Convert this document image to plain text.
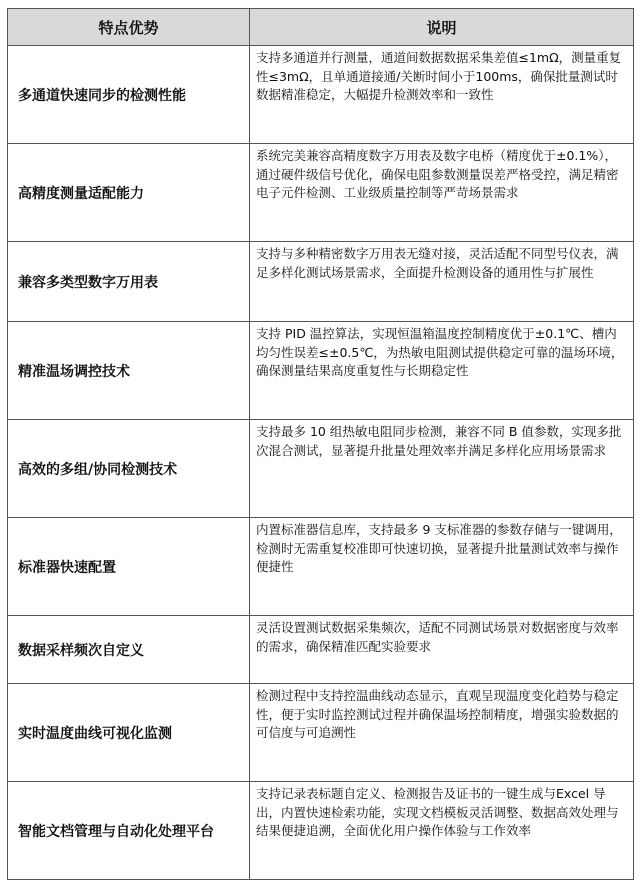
特点优势	说明
多通道快速同步的检测性能	支持多通道并行测量，通道间数据数据采集差值≤1mΩ，测量重复性≤3mΩ，且单通道接通/关断时间小于100ms，确保批量测试时数据精准稳定，大幅提升检测效率和一致性
高精度测量适配能力	系统完美兼容高精度数字万用表及数字电桥（精度优于±0.1%），通过硬件级信号优化，确保电阻参数测量误差严格受控，满足精密电子元件检测、工业级质量控制等严苛场景需求
兼容多类型数字万用表	支持与多种精密数字万用表无缝对接，灵活适配不同型号仪表，满足多样化测试场景需求，全面提升检测设备的通用性与扩展性
精准温场调控技术	支持 PID 温控算法，实现恒温箱温度控制精度优于±0.1℃、槽内均匀性误差≤±0.5℃，为热敏电阻测试提供稳定可靠的温场环境，确保测量结果高度重复性与长期稳定性
高效的多组/协同检测技术	支持最多 10 组热敏电阻同步检测，兼容不同 B 值参数，实现多批次混合测试，显著提升批量处理效率并满足多样化应用场景需求
标准器快速配置	内置标准器信息库，支持最多 9 支标准器的参数存储与一键调用，检测时无需重复校准即可快速切换，显著提升批量测试效率与操作便捷性
数据采样频次自定义	灵活设置测试数据采集频次，适配不同测试场景对数据密度与效率的需求，确保精准匹配实验要求
实时温度曲线可视化监测	检测过程中支持控温曲线动态显示，直观呈现温度变化趋势与稳定性，便于实时监控测试过程并确保温场控制精度，增强实验数据的可信度与可追溯性
智能文档管理与自动化处理平台	支持记录表标题自定义、检测报告及证书的一键生成与Excel 导出，内置快速检索功能，实现文档模板灵活调整、数据高效处理与结果便捷追溯，全面优化用户操作体验与工作效率
